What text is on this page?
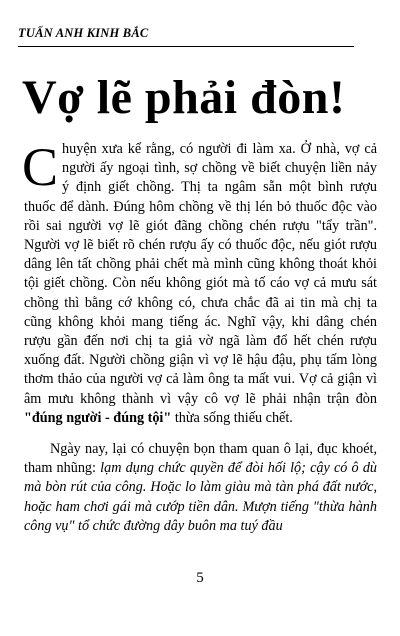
TUẤN ANH KINH BẮC
Vợ lẽ phải đòn!

Chuyện xưa kể rằng, có người đi làm xa. Ở nhà, vợ cả người ấy ngoại tình, sợ chồng về biết chuyện liền nảy ý định giết chồng. Thị ta ngâm sẵn một bình rượu thuốc để dành. Đúng hôm chồng về thị lén bỏ thuốc độc vào rồi sai người vợ lẽ giót đãng chồng chén rượu "tẩy trần". Người vợ lẽ biết rõ chén rượu ấy có thuốc độc, nếu giót rượu dâng lên tất chồng phải chết mà mình cũng không thoát khỏi tội giết chồng. Còn nếu không giót mà tố cáo vợ cả mưu sát chồng thì bằng cớ không có, chưa chắc đã ai tin mà chị ta cũng không khỏi mang tiếng ác. Nghĩ vậy, khi dâng chén rượu gần đến nơi chị ta giả vờ ngã làm đổ hết chén rượu xuống đất. Người chồng giận vì vợ lẽ hậu đậu, phụ tấm lòng thơm thảo của người vợ cả làm ông ta mất vui. Vợ cả giận vì âm mưu không thành vì vậy cô vợ lẽ phải nhận trận đòn "đúng người - đúng tội" thừa sống thiếu chết.

Ngày nay, lại có chuyện bọn tham quan ô lại, đục khoét, tham nhũng: lạm dụng chức quyền để đòi hối lộ; cậy có ô dù mà bòn rút của công. Hoặc lo làm giàu mà tàn phá đất nước, hoặc ham chơi gái mà cướp tiền dân. Mượn tiếng "thừa hành công vụ" tổ chức đường dây buôn ma tuý đầu

5
